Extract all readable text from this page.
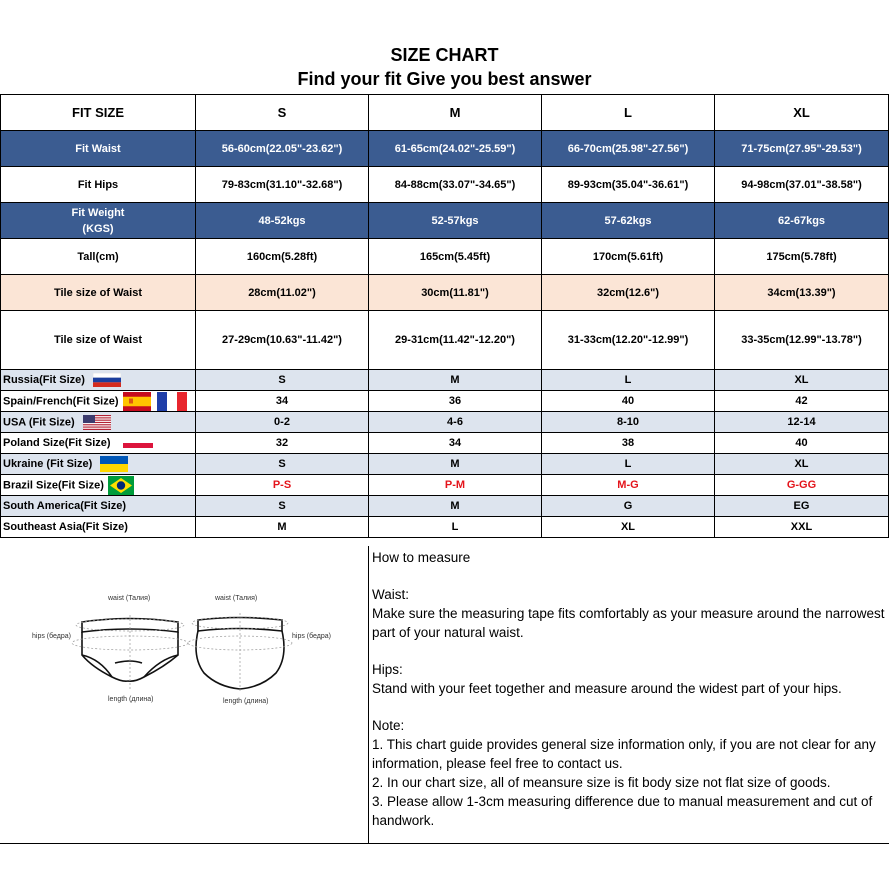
SIZE CHART
Find your fit Give you best answer
FIT SIZE	S	M	L	XL
Fit Waist	56-60cm(22.05"-23.62")	61-65cm(24.02"-25.59")	66-70cm(25.98"-27.56")	71-75cm(27.95"-29.53")
Fit Hips	79-83cm(31.10"-32.68")	84-88cm(33.07"-34.65")	89-93cm(35.04"-36.61")	94-98cm(37.01"-38.58")

Fit Weight
(KGS)	48-52kgs	52-57kgs	57-62kgs	62-67kgs
Tall(cm)	160cm(5.28ft)	165cm(5.45ft)	170cm(5.61ft)	175cm(5.78ft)
Tile size of Waist	28cm(11.02")	30cm(11.81")	32cm(12.6")	34cm(13.39")
Tile size of Waist	27-29cm(10.63"-11.42")	29-31cm(11.42"-12.20")	31-33cm(12.20"-12.99")	33-35cm(12.99"-13.78")
Russia(Fit Size)	S	M	L	XL
Spain/French(Fit Size)	34	36	40	42
USA (Fit Size)	0-2	4-6	8-10	12-14
Poland Size(Fit Size)	32	34	38	40
Ukraine (Fit Size)	S	M	L	XL
Brazil Size(Fit Size)	P-S	P-M	M-G	G-GG
South America(Fit Size)	S	M	G	EG
Southeast Asia(Fit Size)	M	L	XL	XXL
waist (Талия)	waist (Талия)
hips (бедра)	hips (бедра)
length (длина)	length (длина)

How to measure

Waist:

Make sure the measuring tape fits comfortably as your measure around the narrowest part of your natural waist.

Hips:

Stand with your feet together and measure around the widest part of your hips.

Note:

1. This chart guide provides general size information only, if you are not clear for any information, please feel free to contact us.

2. In our chart size, all of meansure size is fit body size not flat size of goods.

3. Please allow 1-3cm measuring difference due to manual measurement and cut of handwork.
